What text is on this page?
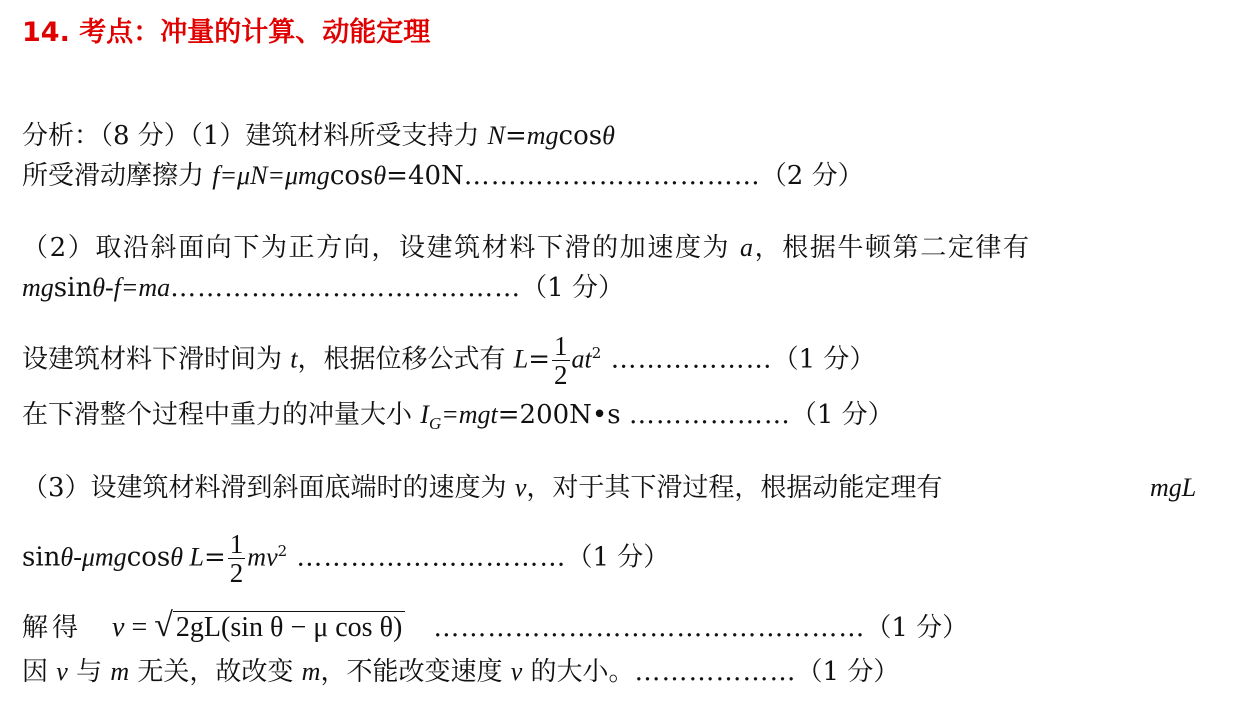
14. 考点：冲量的计算、动能定理
分析：（8 分）（1）建筑材料所受支持力 N=mgcosθ
所受滑动摩擦力 f=μN=μmgcosθ=40N……………………………（2 分）
（2）取沿斜面向下为正方向，设建筑材料下滑的加速度为 a，根据牛顿第二定律有
mgsinθ-f=ma…………………………………（1 分）
设建筑材料下滑时间为 t，根据位移公式有 $L= \frac{1}{2} at^2$ ………………（1 分）
在下滑整个过程中重力的冲量大小 $I_G=mgt=200N•s$ ………………（1 分）
（3）设建筑材料滑到斜面底端时的速度为 v，对于其下滑过程，根据动能定理有	mgL
sinθ-μmgcosθ $L= \frac{1}{2} mv^2$ …………………………（1 分）
解得 v = √ 2gL(sin θ − μ cos θ) …………………………………………（1 分）
因 v 与 m 无关，故改变 m，不能改变速度 v 的大小。………………（1 分）
